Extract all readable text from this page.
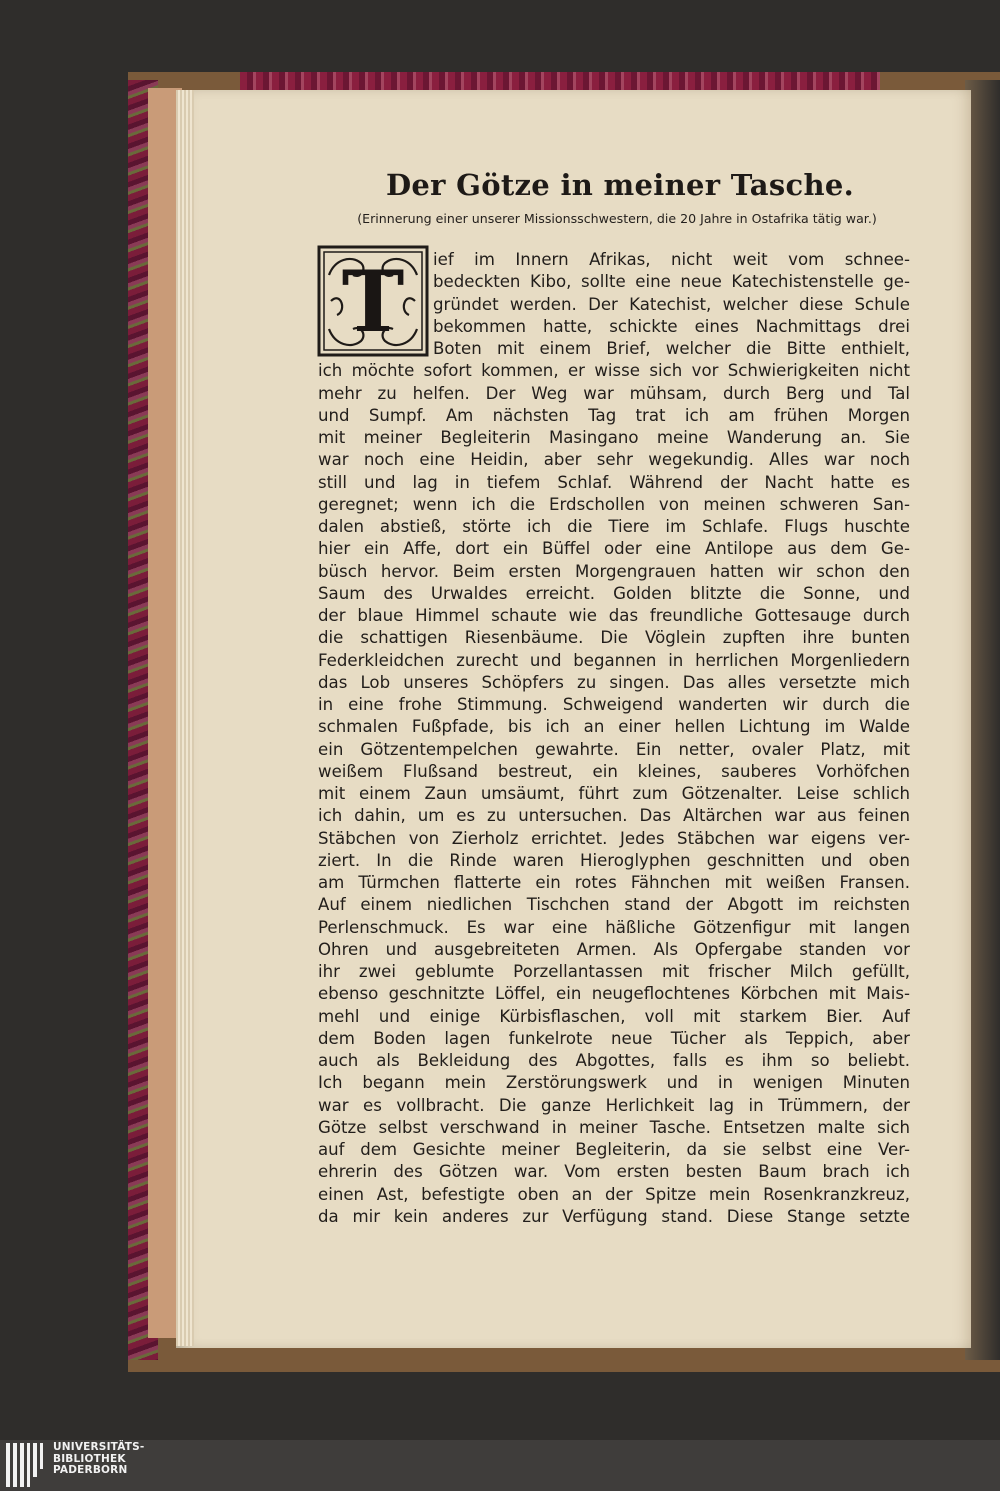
Der Götze in meiner Tasche.

(Erinnerung einer unserer Missionsschwestern, die 20 Jahre in Ostafrika tätig war.)

T ief im Innern Afrikas, nicht weit vom schnee-
bedeckten Kibo, sollte eine neue Katechistenstelle ge-
gründet werden. Der Katechist, welcher diese Schule
bekommen hatte, schickte eines Nachmittags drei
Boten mit einem Brief, welcher die Bitte enthielt,
ich möchte sofort kommen, er wisse sich vor Schwierigkeiten nicht
mehr zu helfen. Der Weg war mühsam, durch Berg und Tal
und Sumpf. Am nächsten Tag trat ich am frühen Morgen
mit meiner Begleiterin Masingano meine Wanderung an. Sie
war noch eine Heidin, aber sehr wegekundig. Alles war noch
still und lag in tiefem Schlaf. Während der Nacht hatte es
geregnet; wenn ich die Erdschollen von meinen schweren San-
dalen abstieß, störte ich die Tiere im Schlafe. Flugs huschte
hier ein Affe, dort ein Büffel oder eine Antilope aus dem Ge-
büsch hervor. Beim ersten Morgengrauen hatten wir schon den
Saum des Urwaldes erreicht. Golden blitzte die Sonne, und
der blaue Himmel schaute wie das freundliche Gottesauge durch
die schattigen Riesenbäume. Die Vöglein zupften ihre bunten
Federkleidchen zurecht und begannen in herrlichen Morgenliedern
das Lob unseres Schöpfers zu singen. Das alles versetzte mich
in eine frohe Stimmung. Schweigend wanderten wir durch die
schmalen Fußpfade, bis ich an einer hellen Lichtung im Walde
ein Götzentempelchen gewahrte. Ein netter, ovaler Platz, mit
weißem Flußsand bestreut, ein kleines, sauberes Vorhöfchen
mit einem Zaun umsäumt, führt zum Götzenalter. Leise schlich
ich dahin, um es zu untersuchen. Das Altärchen war aus feinen
Stäbchen von Zierholz errichtet. Jedes Stäbchen war eigens ver-
ziert. In die Rinde waren Hieroglyphen geschnitten und oben
am Türmchen flatterte ein rotes Fähnchen mit weißen Fransen.
Auf einem niedlichen Tischchen stand der Abgott im reichsten
Perlenschmuck. Es war eine häßliche Götzenfigur mit langen
Ohren und ausgebreiteten Armen. Als Opfergabe standen vor
ihr zwei geblumte Porzellantassen mit frischer Milch gefüllt,
ebenso geschnitzte Löffel, ein neugeflochtenes Körbchen mit Mais-
mehl und einige Kürbisflaschen, voll mit starkem Bier. Auf
dem Boden lagen funkelrote neue Tücher als Teppich, aber
auch als Bekleidung des Abgottes, falls es ihm so beliebt.
Ich begann mein Zerstörungswerk und in wenigen Minuten
war es vollbracht. Die ganze Herlichkeit lag in Trümmern, der
Götze selbst verschwand in meiner Tasche. Entsetzen malte sich
auf dem Gesichte meiner Begleiterin, da sie selbst eine Ver-
ehrerin des Götzen war. Vom ersten besten Baum brach ich
einen Ast, befestigte oben an der Spitze mein Rosenkranzkreuz,
da mir kein anderes zur Verfügung stand. Diese Stange setzte
UNIVERSITÄTS-
BIBLIOTHEK
PADERBORN
